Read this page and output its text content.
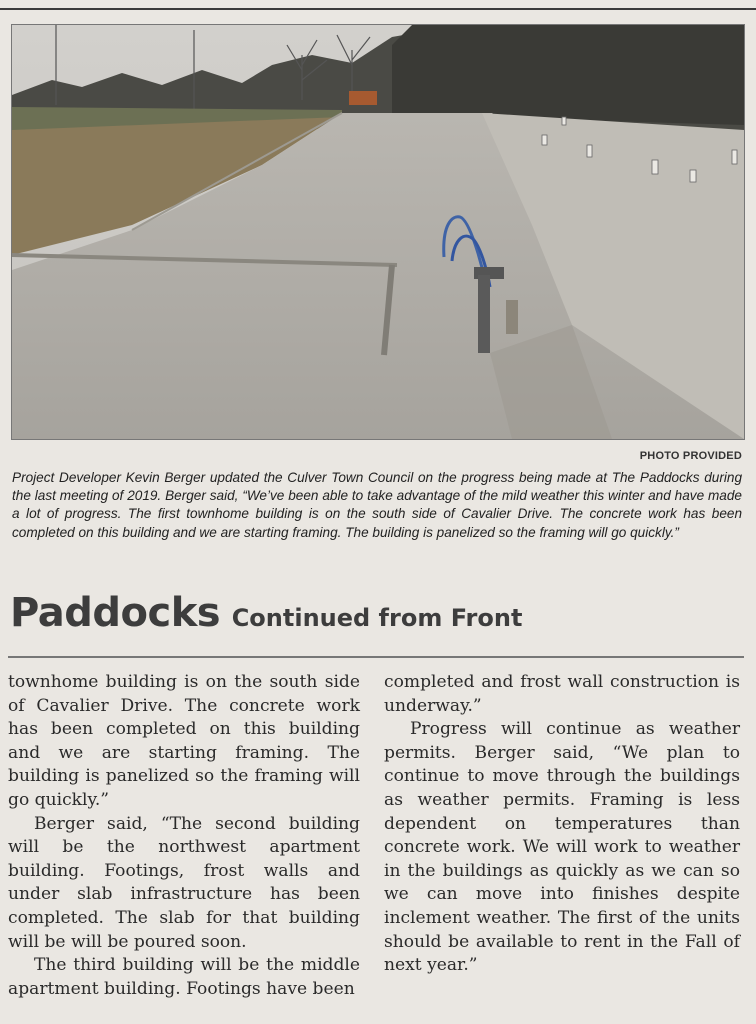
PHOTO PROVIDED
Project Developer Kevin Berger updated the Culver Town Council on the progress being made at The Paddocks during the last meeting of 2019. Berger said, “We’ve been able to take advantage of the mild weather this winter and have made a lot of progress. The first townhome building is on the south side of Cavalier Drive. The concrete work has been completed on this building and we are starting framing. The building is panelized so the framing will go quickly.”
Paddocks Continued from Front

townhome building is on the south side of Cavalier Drive. The concrete work has been completed on this building and we are starting framing. The building is panelized so the framing will go quickly.”

Berger said, “The second building will be the northwest apartment building. Footings, frost walls and under slab infrastructure has been completed. The slab for that building will be will be poured soon.

The third building will be the middle apartment building. Footings have been

completed and frost wall construction is underway.”

Progress will continue as weather permits. Berger said, “We plan to continue to move through the buildings as weather permits. Framing is less dependent on temperatures than concrete work. We will work to weather in the buildings as quickly as we can so we can move into finishes despite inclement weather. The first of the units should be available to rent in the Fall of next year.”
